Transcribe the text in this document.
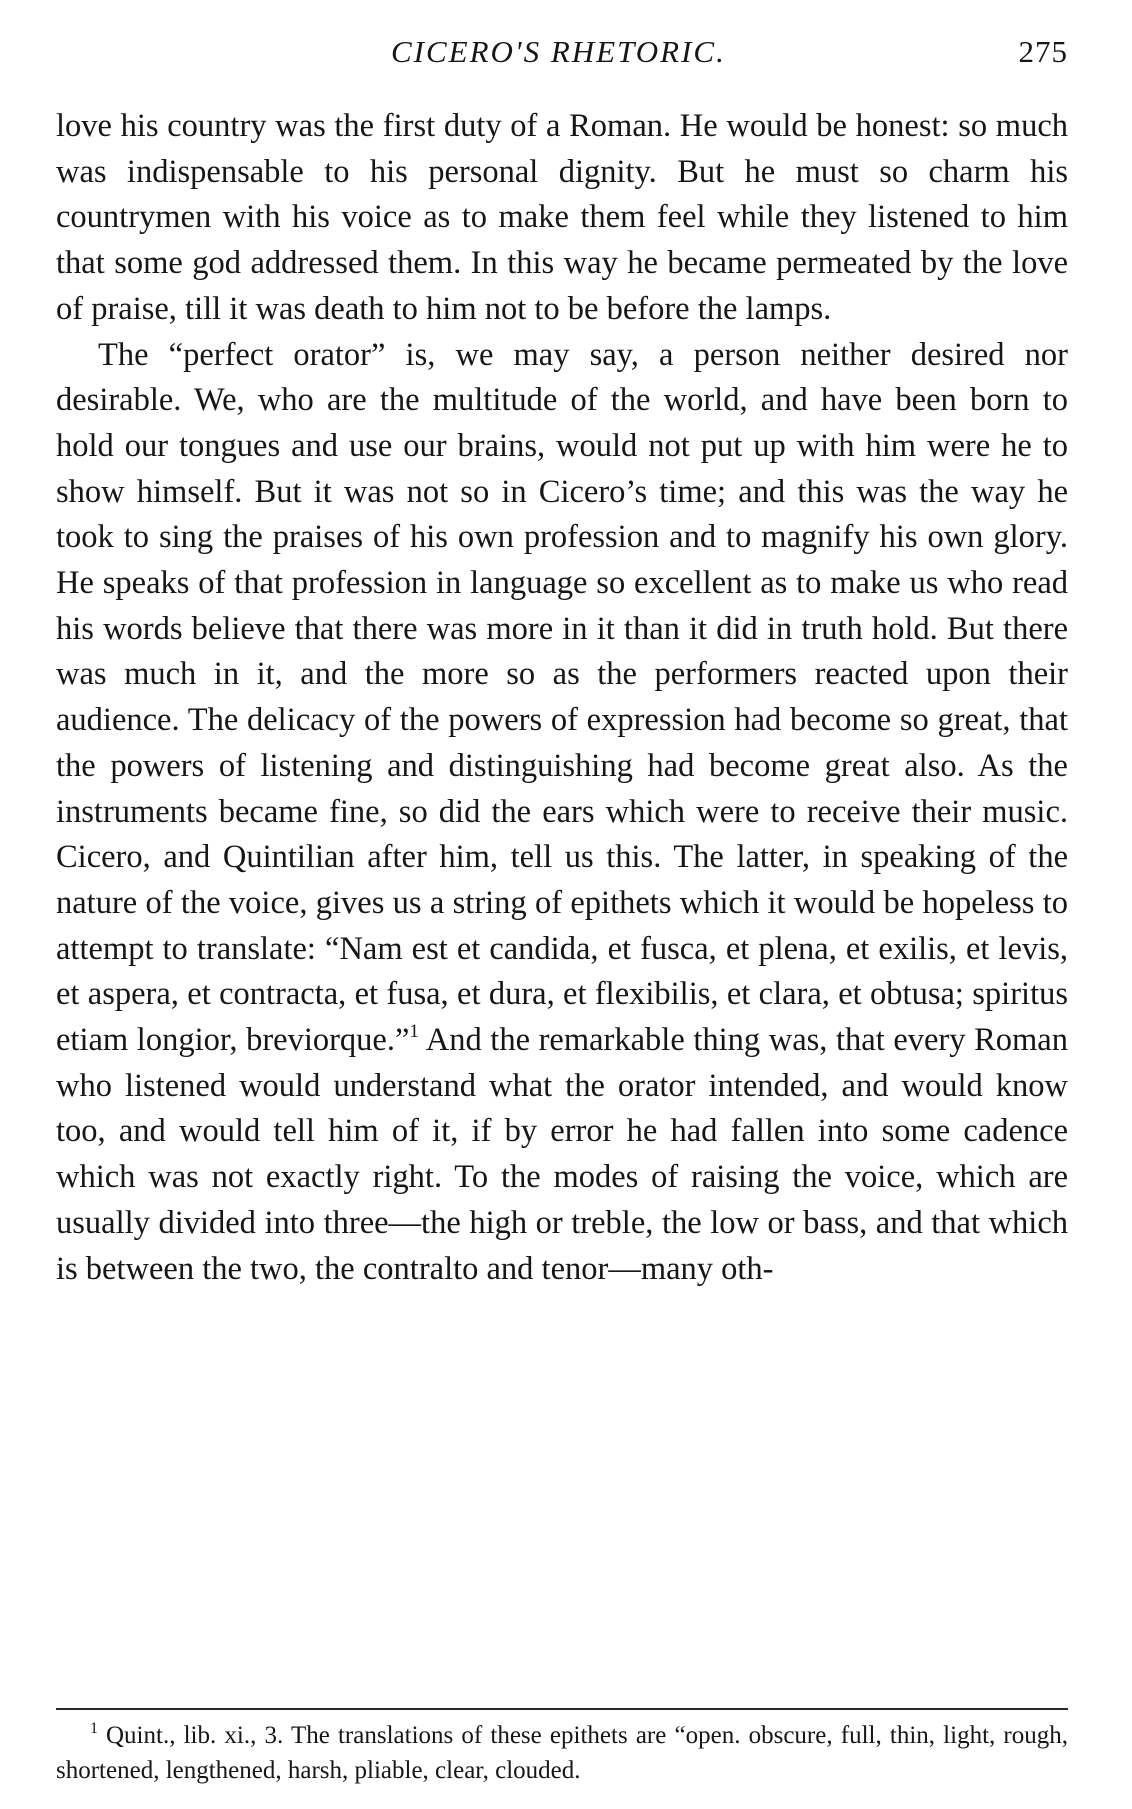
CICERO'S RHETORIC.	275

love his country was the first duty of a Roman. He would be honest: so much was indispensable to his personal dignity. But he must so charm his countrymen with his voice as to make them feel while they listened to him that some god addressed them. In this way he became permeated by the love of praise, till it was death to him not to be before the lamps.

The “perfect orator” is, we may say, a person neither desired nor desirable. We, who are the multitude of the world, and have been born to hold our tongues and use our brains, would not put up with him were he to show himself. But it was not so in Cicero’s time; and this was the way he took to sing the praises of his own profession and to magnify his own glory. He speaks of that profession in language so excellent as to make us who read his words believe that there was more in it than it did in truth hold. But there was much in it, and the more so as the performers reacted upon their audience. The delicacy of the powers of expression had become so great, that the powers of listening and distinguishing had become great also. As the instruments became fine, so did the ears which were to receive their music. Cicero, and Quintilian after him, tell us this. The latter, in speaking of the nature of the voice, gives us a string of epithets which it would be hopeless to attempt to translate: “Nam est et candida, et fusca, et plena, et exilis, et levis, et aspera, et contracta, et fusa, et dura, et flexibilis, et clara, et obtusa; spiritus etiam longior, breviorque.”$^1$ And the remarkable thing was, that every Roman who listened would understand what the orator intended, and would know too, and would tell him of it, if by error he had fallen into some cadence which was not exactly right. To the modes of raising the voice, which are usually divided into three—the high or treble, the low or bass, and that which is between the two, the contralto and tenor—many oth-

$^1$ Quint., lib. xi., 3. The translations of these epithets are “open. obscure, full, thin, light, rough, shortened, lengthened, harsh, pliable, clear, clouded.
